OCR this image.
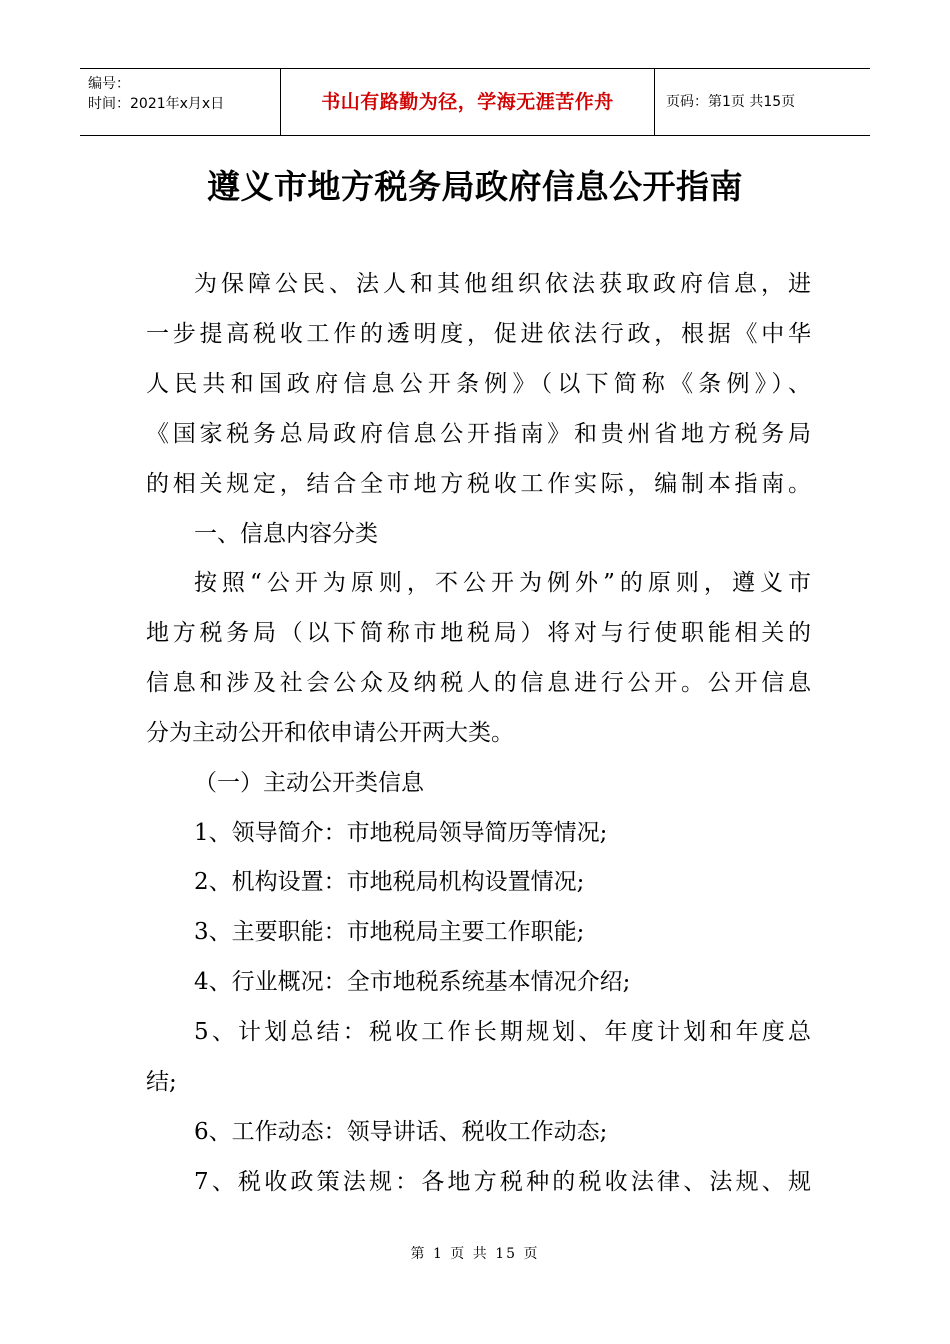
编号：
时间：2021年x月x日	书山有路勤为径，学海无涯苦作舟	页码：第1页 共15页
遵义市地方税务局政府信息公开指南
为保障公民、法人和其他组织依法获取政府信息，进
一步提高税收工作的透明度，促进依法行政，根据《中华
人民共和国政府信息公开条例》（以下简称《条例》）、
《国家税务总局政府信息公开指南》和贵州省地方税务局
的相关规定，结合全市地方税收工作实际，编制本指南。
一、信息内容分类
按照“公开为原则，不公开为例外”的原则，遵义市
地方税务局（以下简称市地税局）将对与行使职能相关的
信息和涉及社会公众及纳税人的信息进行公开。公开信息
分为主动公开和依申请公开两大类。
（一）主动公开类信息
1、领导简介：市地税局领导简历等情况;
2、机构设置：市地税局机构设置情况;
3、主要职能：市地税局主要工作职能;
4、行业概况：全市地税系统基本情况介绍;
5、计划总结：税收工作长期规划、年度计划和年度总
结;
6、工作动态：领导讲话、税收工作动态;
7、税收政策法规：各地方税种的税收法律、法规、规
第 1 页 共 15 页
